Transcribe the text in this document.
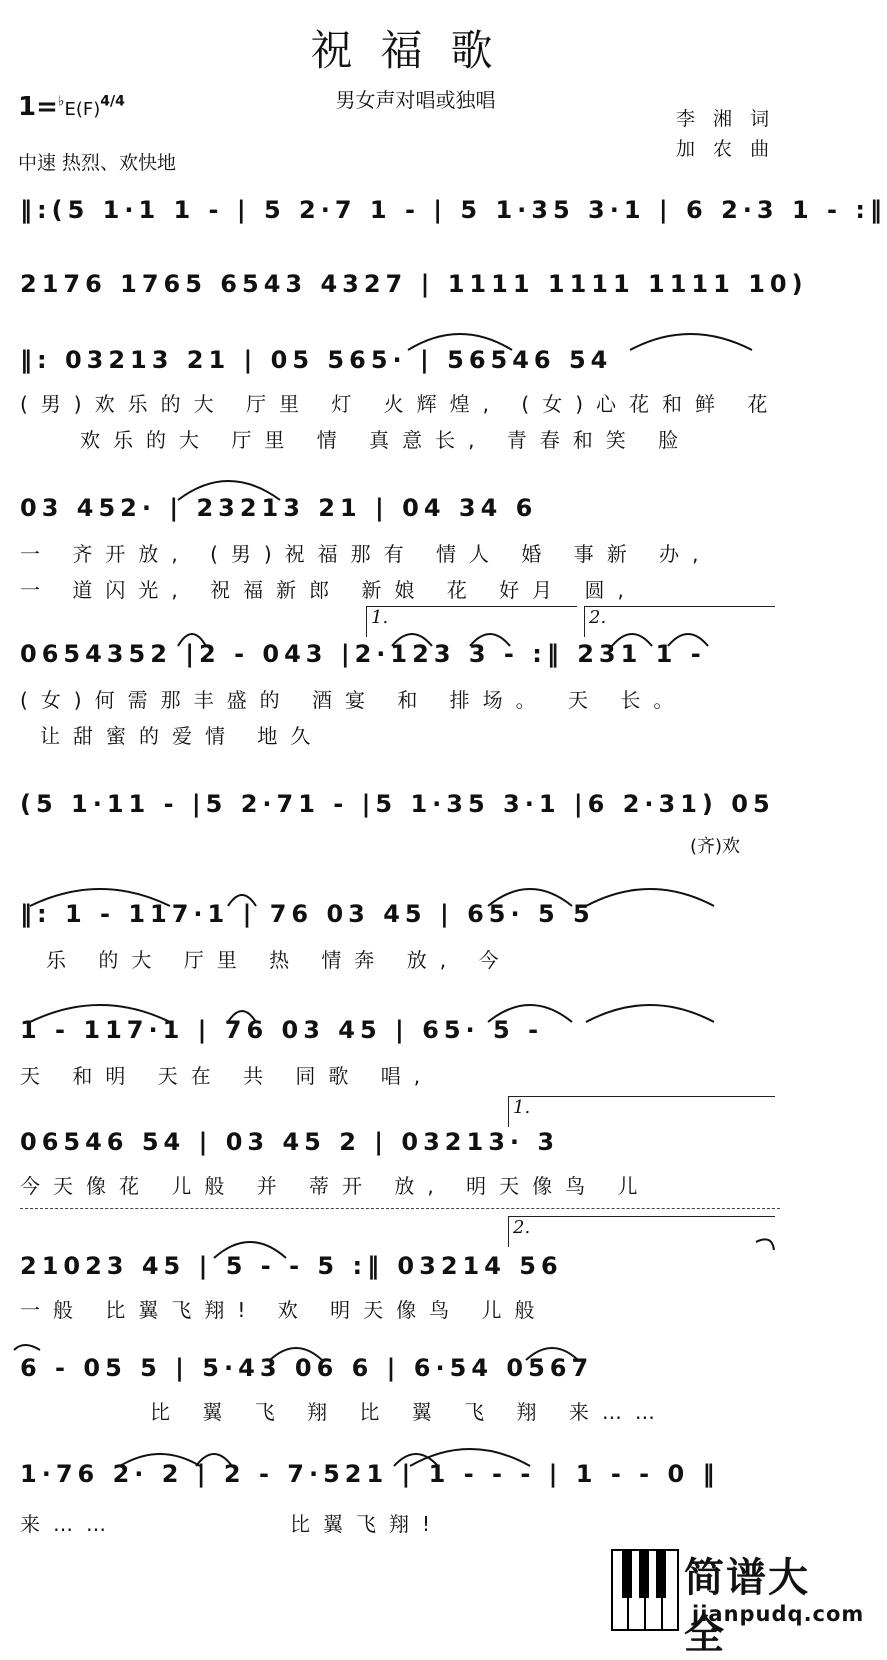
祝福歌
男女声对唱或独唱
$1=^♭E(F)^{4/4}$
中速 热烈、欢快地
李 湘 词
加 农 曲
‖:(5 1·1 1 - | 5 2·7 1 - | 5 1·35 3·1 | 6 2·3 1 - :‖
2176 1765 6543 4327 | 1111 1111 1111 10)
‖: 03213 21 | 05 565· | 56546 54
(男)欢乐的大 厅里 灯 火辉煌, (女)心花和鲜 花
欢乐的大 厅里 情 真意长, 青春和笑 脸
03 452· | 23213 21 | 04 34 6
一 齐开放, (男)祝福那有 情人 婚 事新 办,
一 道闪光, 祝福新郎 新娘 花 好月 圆,
1.	2.
0654352 |2 - 043 |2·123 3 - :‖ 231 1 -
(女)何需那丰盛的 酒宴 和 排场。 天 长。
让甜蜜的爱情 地久
(5 1·11 - |5 2·71 - |5 1·35 3·1 |6 2·31) 05
(齐)欢
‖: 1 - 117·1 | 76 03 45 | 65· 5 5
乐 的大 厅里 热 情奔 放, 今
1 - 117·1 | 76 03 45 | 65· 5 -
天 和明 天在 共 同歌 唱,
1.
06546 54 | 03 45 2 | 03213· 3
今天像花 儿般 并 蒂开 放, 明天像鸟 儿
2.
21023 45 | 5 - - 5 :‖ 03214 56
一般 比翼飞翔! 欢 明天像鸟 儿般
6 - 05 5 | 5·43 06 6 | 6·54 0567
比 翼 飞 翔 比 翼 飞 翔 来……
1·76 2· 2 | 2 - 7·521 | 1 - - - | 1 - - 0 ‖
来……	比翼飞翔!
简谱大全
jianpudq.com
